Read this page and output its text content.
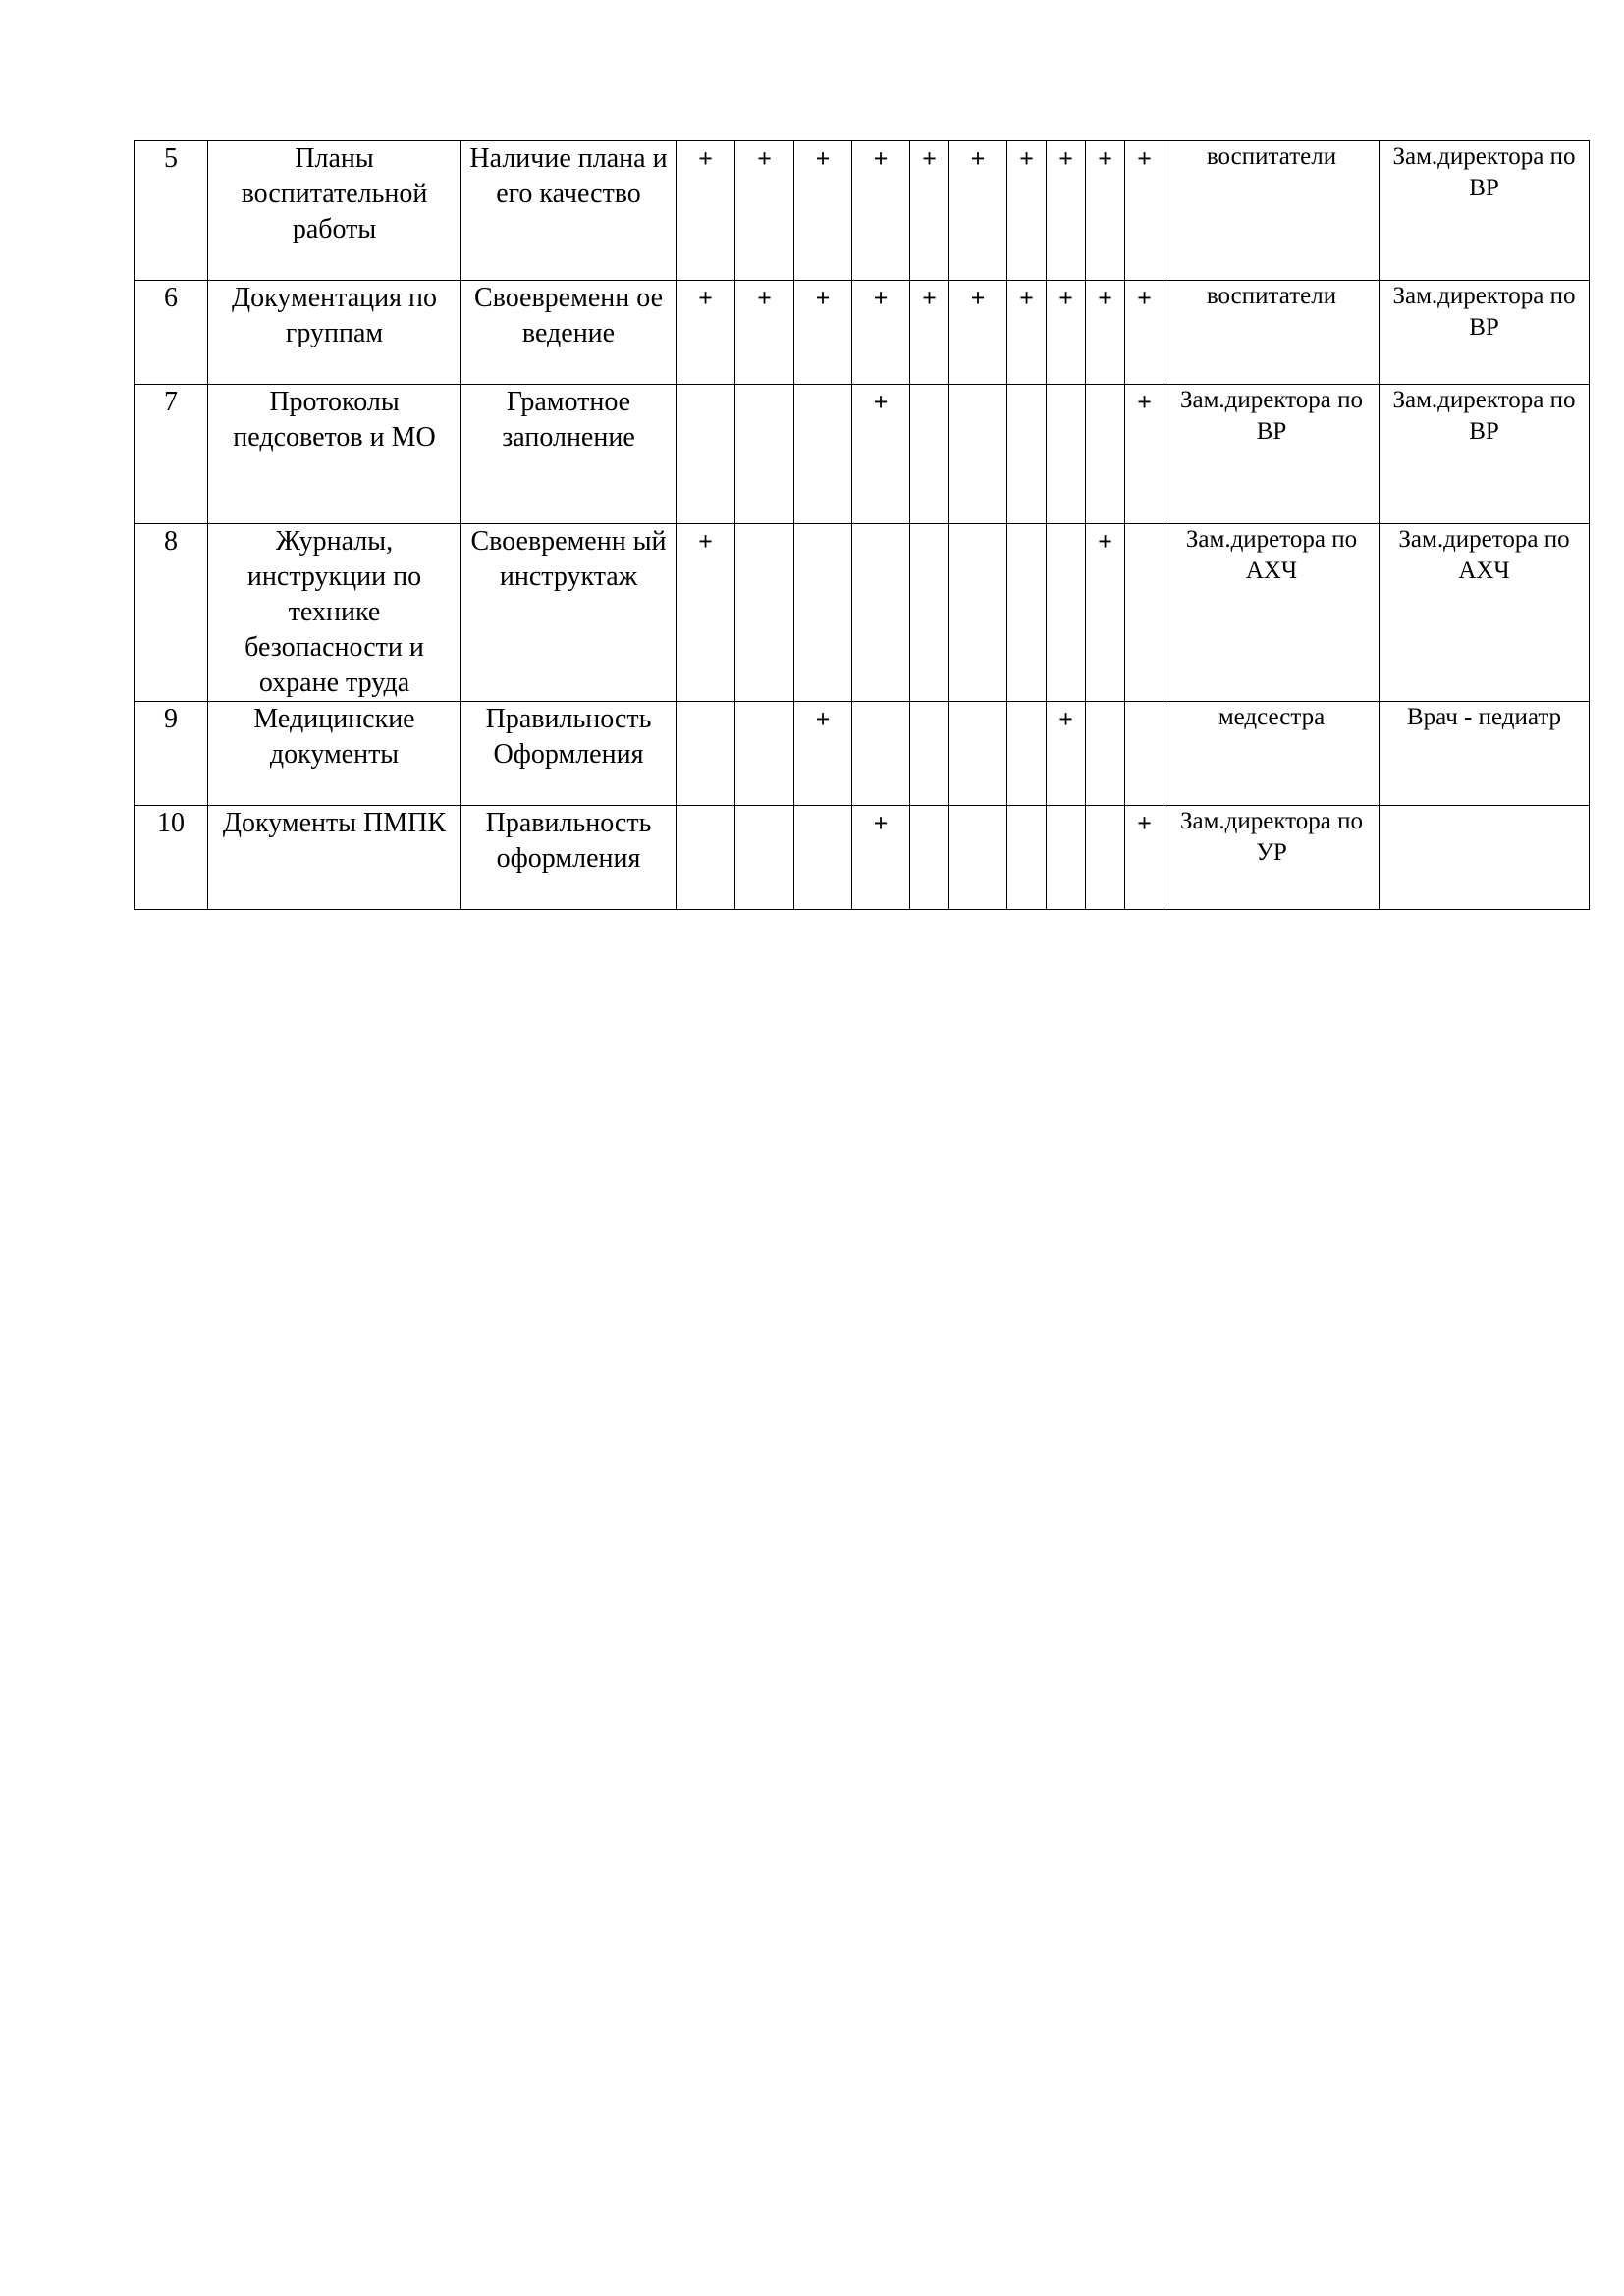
5	Планы воспитательной работы	Наличие плана и его качество	+	+	+	+	+	+	+	+	+	+	воспитатели	Зам.директора по ВР
6	Документация по группам	Своевременн ое ведение	+	+	+	+	+	+	+	+	+	+	воспитатели	Зам.директора по ВР
7	Протоколы педсоветов и МО	Грамотное заполнение				+						+	Зам.директора по ВР	Зам.директора по ВР
8	Журналы, инструкции по технике безопасности и охране труда	Своевременн ый инструктаж	+								+		Зам.диретора по АХЧ	Зам.диретора по АХЧ
9	Медицинские документы	Правильность Оформления			+					+			медсестра	Врач - педиатр
10	Документы ПМПК	Правильность оформления				+						+	Зам.директора по УР	
